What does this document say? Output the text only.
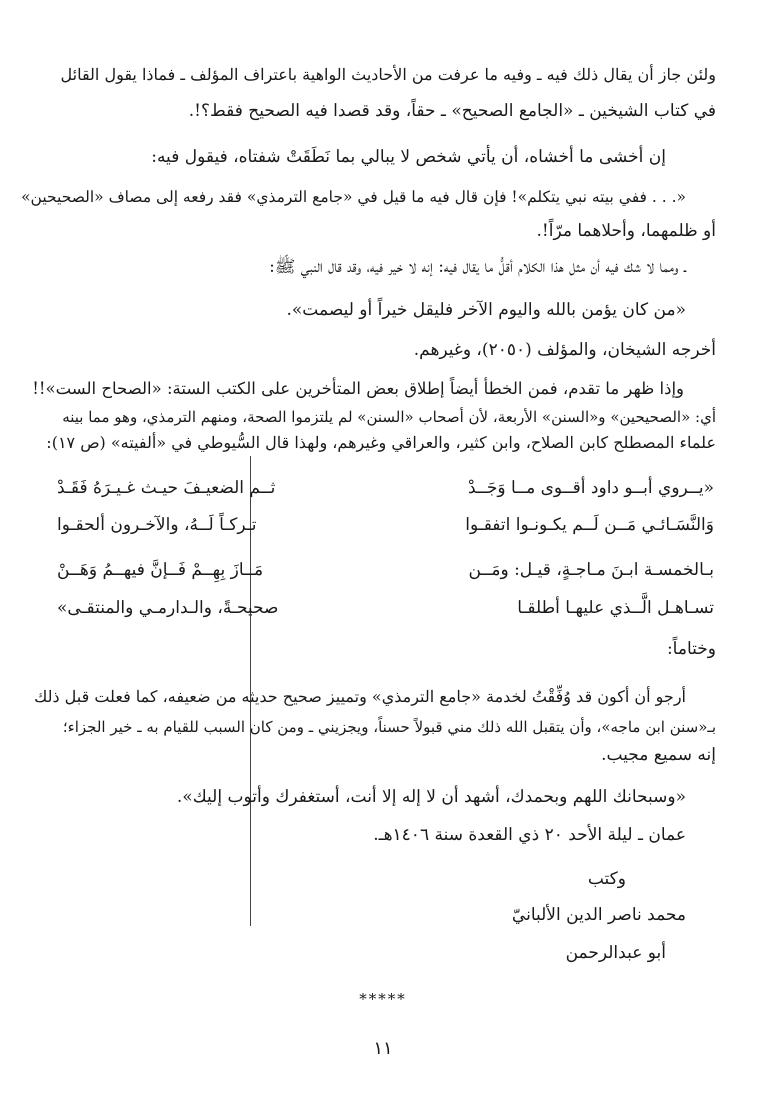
ولئن جاز أن يقال ذلك فيه ـ وفيه ما عرفت من الأحاديث الواهية باعتراف المؤلف ـ فماذا يقول القائل
في كتاب الشيخين ـ «الجامع الصحيح» ـ حقاً، وقد قصدا فيه الصحيح فقط؟!.
إن أخشى ما أخشاه، أن يأتي شخص لا يبالي بما نَطَقَتْ شفتاه، فيقول فيه:
«. . . ففي بيته نبي يتكلم»! فإن قال فيه ما قيل في «جامع الترمذي» فقد رفعه إلى مصاف «الصحيحين»
أو ظلمهما، وأحلاهما مرّاً!.
ـ ومما لا شك فيه أن مثل هذا الكلام أقلُّ ما يقال فيه: إنه لا خير فيه، وقد قال النبي ﷺ:
«من كان يؤمن بالله واليوم الآخر فليقل خيراً أو ليصمت».
أخرجه الشيخان، والمؤلف (٢٠٥٠)، وغيرهم.
وإذا ظهر ما تقدم، فمن الخطأ أيضاً إطلاق بعض المتأخرين على الكتب الستة: «الصحاح الست»!!
أي: «الصحيحين» و«السنن» الأربعة، لأن أصحاب «السنن» لم يلتزموا الصحة، ومنهم الترمذي، وهو مما بينه
علماء المصطلح كابن الصلاح، وابن كثير، والعراقي وغيرهم، ولهذا قال السُّيوطي في «ألفيته» (ص ١٧):
«يــروي أبــو داود أقــوى مــا وَجَــدْ
ثــم الضعيـفَ حيـث غـيـرَهُ فَقَـدْ
وَالنَّسَـائـي مَــن لَــم يكـونـوا اتفقـوا
تـركـاً لَــهُ، والآخـرون ألحقـوا
بـالخمسـة ابـنَ مـاجـةٍ، قيـل: ومَــن
مَــازَ بِهِــمْ فَــإنَّ فيهــمُ وَهَــنْ
تسـاهـل الَّــذي عليهـا أطلقـا
صحيحـةً، والـدارمـي والمنتقـى»
وختاماً:
أرجو أن أكون قد وُفِّقْتُ لخدمة «جامع الترمذي» وتمييز صحيح حديثه من ضعيفه، كما فعلت قبل ذلك
بـ«سنن ابن ماجه»، وأن يتقبل الله ذلك مني قبولاً حسناً، ويجزيني ـ ومن كان السبب للقيام به ـ خير الجزاء؛
إنه سميع مجيب.
«وسبحانك اللهم وبحمدك، أشهد أن لا إله إلا أنت، أستغفرك وأتوب إليك».
عمان ـ ليلة الأحد ٢٠ ذي القعدة سنة ١٤٠٦هـ.
وكتب
محمد ناصر الدين الألبانيّ
أبو عبدالرحمن
*****
١١
